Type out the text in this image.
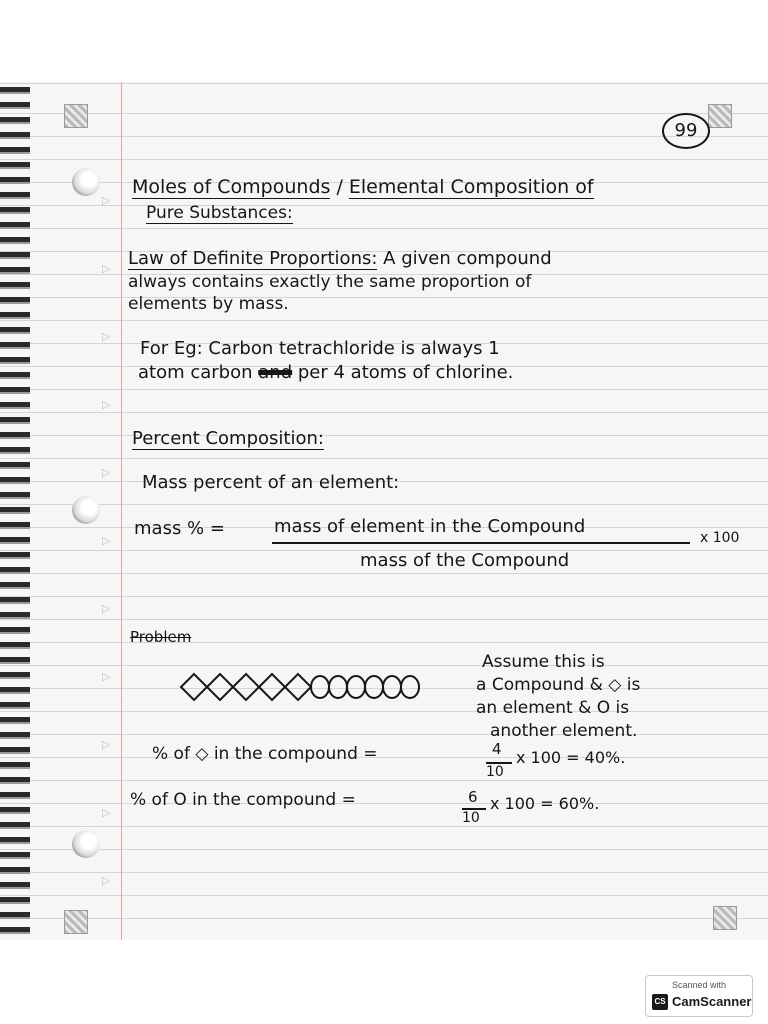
▷
▷
▷
▷
▷
▷
▷
▷
▷
▷
▷
99
Moles of Compounds / Elemental Composition of
Pure Substances:
Law of Definite Proportions: A given compound
always contains exactly the same proportion of
elements by mass.
For Eg: Carbon tetrachloride is always 1
atom carbon and per 4 atoms of chlorine.
Percent Composition:
Mass percent of an element:
mass % =	mass of element in the Compound
x 100
mass of the Compound
Problem
Assume this is
a Compound & ◇ is
an element & O is
another element.
% of ◇ in the compound =	4
10
x 100 = 40%.
% of O in the compound =	6
10
x 100 = 60%.
Scanned with
CS CamScanner
